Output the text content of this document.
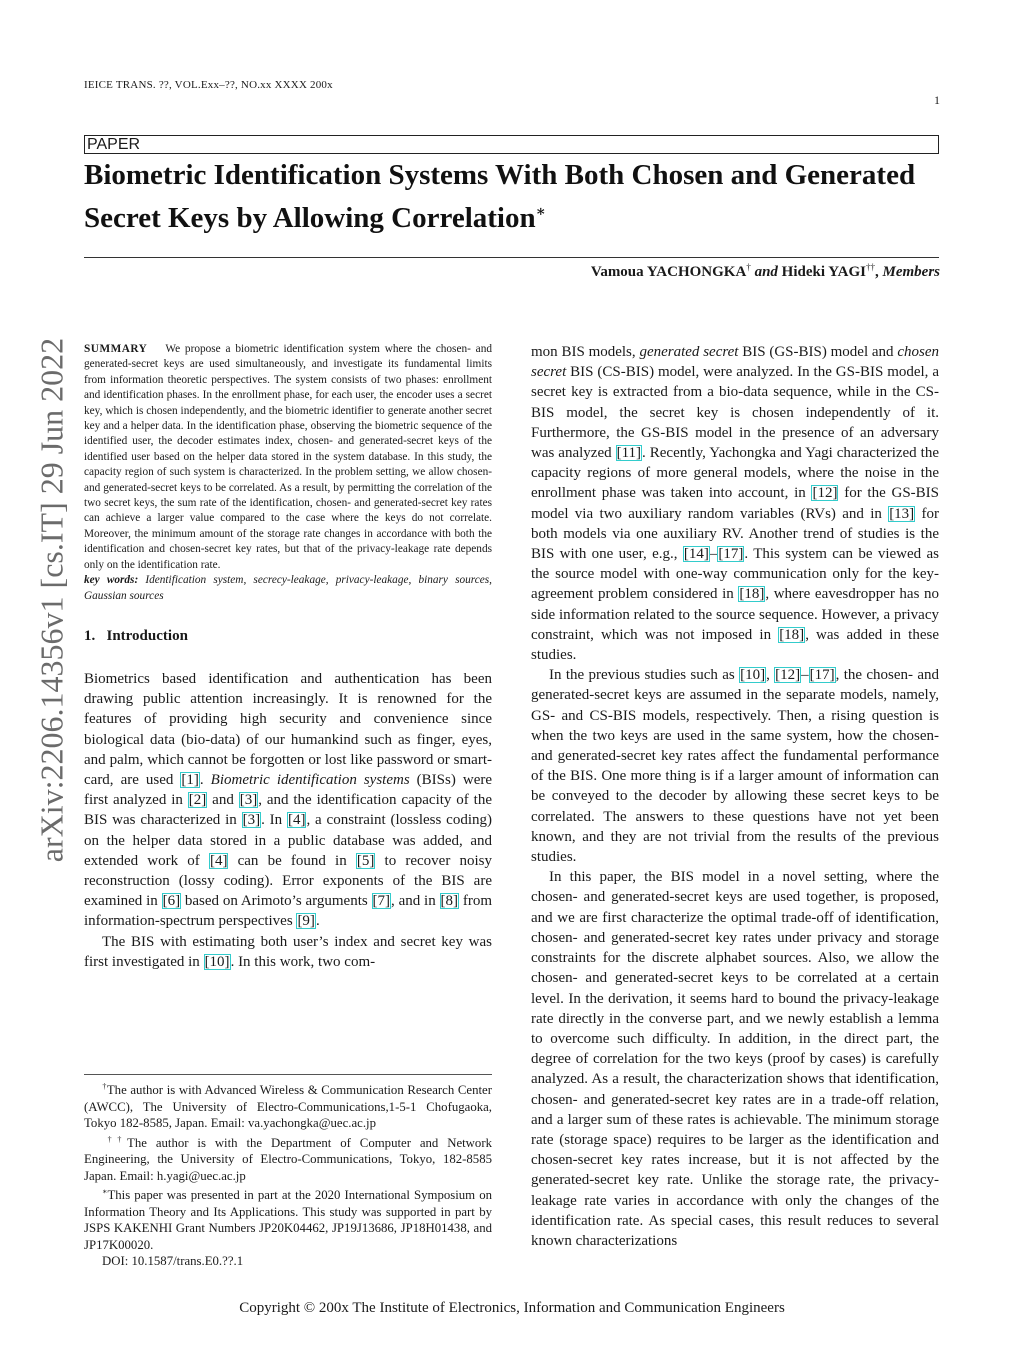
IEICE TRANS. ??, VOL.Exx–??, NO.xx XXXX 200x
1
PAPER
Biometric Identification Systems With Both Chosen and Generated
Secret Keys by Allowing Correlation∗
Vamoua YACHONGKA† and Hideki YAGI††, Members
arXiv:2206.14356v1 [cs.IT] 29 Jun 2022 SUMMARY We propose a biometric identification system where the chosen- and generated-secret keys are used simultaneously, and investigate its fundamental limits from information theoretic perspectives. The system consists of two phases: enrollment and identification phases. In the enrollment phase, for each user, the encoder uses a secret key, which is chosen independently, and the biometric identifier to generate another secret key and a helper data. In the identification phase, observing the biometric sequence of the identified user, the decoder estimates index, chosen- and generated-secret keys of the identified user based on the helper data stored in the system database. In this study, the capacity region of such system is characterized. In the problem setting, we allow chosen- and generated-secret keys to be correlated. As a result, by permitting the correlation of the two secret keys, the sum rate of the identification, chosen- and generated-secret key rates can achieve a larger value compared to the case where the keys do not correlate. Moreover, the minimum amount of the storage rate changes in accordance with both the identification and chosen-secret key rates, but that of the privacy-leakage rate depends only on the identification rate.

key words: Identification system, secrecy-leakage, privacy-leakage, binary sources, Gaussian sources

1. Introduction

Biometrics based identification and authentication has been drawing public attention increasingly. It is renowned for the features of providing high security and convenience since biological data (bio-data) of our humankind such as finger, eyes, and palm, which cannot be forgotten or lost like password or smart-card, are used [1]. Biometric identification systems (BISs) were first analyzed in [2] and [3], and the identification capacity of the BIS was characterized in [3]. In [4], a constraint (lossless coding) on the helper data stored in a public database was added, and extended work of [4] can be found in [5] to recover noisy reconstruction (lossy coding). Error exponents of the BIS are examined in [6] based on Arimoto’s arguments [7], and in [8] from information-spectrum perspectives [9].

The BIS with estimating both user’s index and secret key was first investigated in [10]. In this work, two com-

†The author is with Advanced Wireless & Communication Research Center (AWCC), The University of Electro-Communications,1-5-1 Chofugaoka, Tokyo 182-8585, Japan. Email: va.yachongka@uec.ac.jp

††The author is with the Department of Computer and Network Engineering, the University of Electro-Communications, Tokyo, 182-8585 Japan. Email: h.yagi@uec.ac.jp

∗This paper was presented in part at the 2020 International Symposium on Information Theory and Its Applications. This study was supported in part by JSPS KAKENHI Grant Numbers JP20K04462, JP19J13686, JP18H01438, and JP17K00020.

DOI: 10.1587/trans.E0.??.1

mon BIS models, generated secret BIS (GS-BIS) model and chosen secret BIS (CS-BIS) model, were analyzed. In the GS-BIS model, a secret key is extracted from a bio-data sequence, while in the CS-BIS model, the secret key is chosen independently of it. Furthermore, the GS-BIS model in the presence of an adversary was analyzed [11]. Recently, Yachongka and Yagi characterized the capacity regions of more general models, where the noise in the enrollment phase was taken into account, in [12] for the GS-BIS model via two auxiliary random variables (RVs) and in [13] for both models via one auxiliary RV. Another trend of studies is the BIS with one user, e.g., [14]–[17]. This system can be viewed as the source model with one-way communication only for the key-agreement problem considered in [18], where eavesdropper has no side information related to the source sequence. However, a privacy constraint, which was not imposed in [18], was added in these studies.

In the previous studies such as [10], [12]–[17], the chosen- and generated-secret keys are assumed in the separate models, namely, GS- and CS-BIS models, respectively. Then, a rising question is when the two keys are used in the same system, how the chosen- and generated-secret key rates affect the fundamental performance of the BIS. One more thing is if a larger amount of information can be conveyed to the decoder by allowing these secret keys to be correlated. The answers to these questions have not yet been known, and they are not trivial from the results of the previous studies.

In this paper, the BIS model in a novel setting, where the chosen- and generated-secret keys are used together, is proposed, and we are first characterize the optimal trade-off of identification, chosen- and generated-secret key rates under privacy and storage constraints for the discrete alphabet sources. Also, we allow the chosen- and generated-secret keys to be correlated at a certain level. In the derivation, it seems hard to bound the privacy-leakage rate directly in the converse part, and we newly establish a lemma to overcome such difficulty. In addition, in the direct part, the degree of correlation for the two keys (proof by cases) is carefully analyzed. As a result, the characterization shows that identification, chosen- and generated-secret key rates are in a trade-off relation, and a larger sum of these rates is achievable. The minimum storage rate (storage space) requires to be larger as the identification and chosen-secret key rates increase, but it is not affected by the generated-secret key rate. Unlike the storage rate, the privacy-leakage rate varies in accordance with only the changes of the identification rate. As special cases, this result reduces to several known characterizations

Copyright © 200x The Institute of Electronics, Information and Communication Engineers
